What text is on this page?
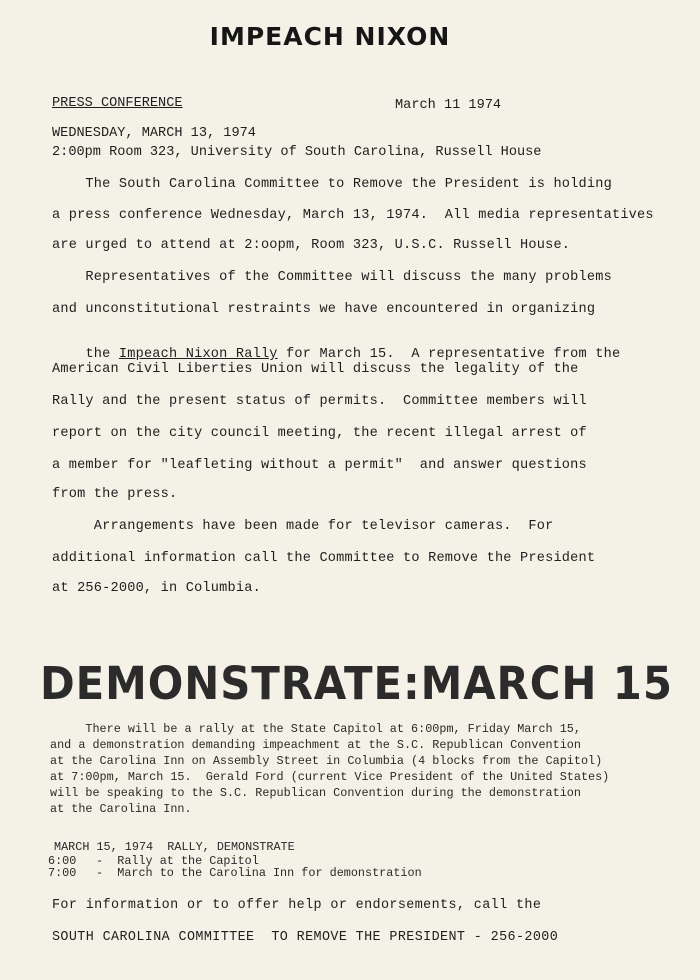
IMPEACH NIXON
PRESS CONFERENCE	March 11 1974
WEDNESDAY, MARCH 13, 1974
2:00pm Room 323, University of South Carolina, Russell House
The South Carolina Committee to Remove the President is holding
a press conference Wednesday, March 13, 1974.  All media representatives
are urged to attend at 2:oopm, Room 323, U.S.C. Russell House.
Representatives of the Committee will discuss the many problems
and unconstitutional restraints we have encountered in organizing

the Impeach Nixon Rally for March 15.  A representative from the

American Civil Liberties Union will discuss the legality of the
Rally and the present status of permits.  Committee members will
report on the city council meeting, the recent illegal arrest of
a member for "leafleting without a permit"  and answer questions
from the press.
Arrangements have been made for televisor cameras.  For
additional information call the Committee to Remove the President
at 256-2000, in Columbia.
DEMONSTRATE:MARCH 15
There will be a rally at the State Capitol at 6:00pm, Friday March 15,
and a demonstration demanding impeachment at the S.C. Republican Convention
at the Carolina Inn on Assembly Street in Columbia (4 blocks from the Capitol)
at 7:00pm, March 15.  Gerald Ford (current Vice President of the United States)
will be speaking to the S.C. Republican Convention during the demonstration
at the Carolina Inn.
MARCH 15, 1974  RALLY, DEMONSTRATE
6:00 -  Rally at the Capitol
7:00 -  March to the Carolina Inn for demonstration
For information or to offer help or endorsements, call the
SOUTH CAROLINA COMMITTEE  TO REMOVE THE PRESIDENT - 256-2000
